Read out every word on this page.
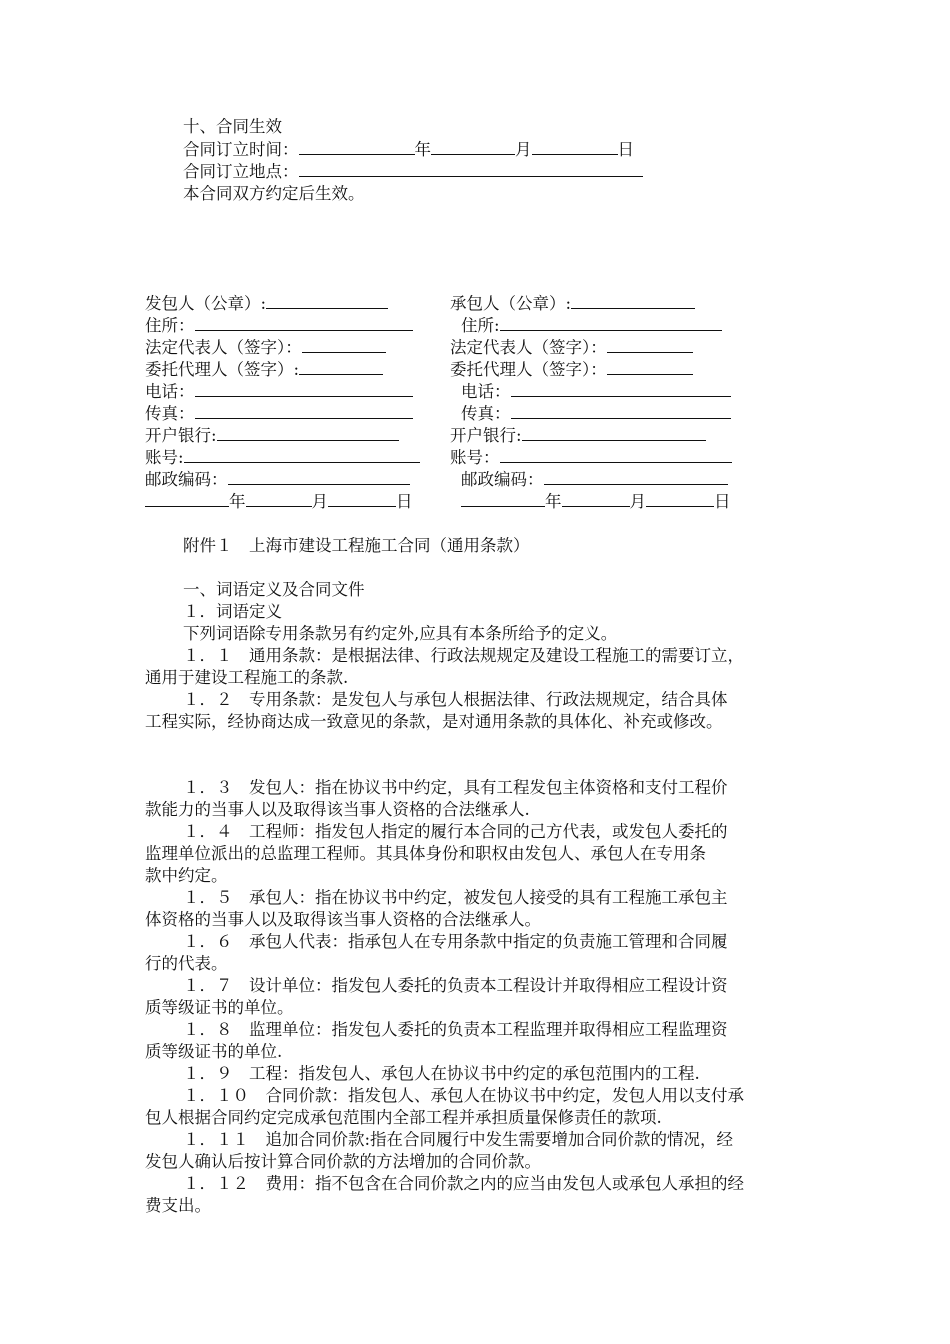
十、合同生效
合同订立时间：	年	月	日
合同订立地点：
本合同双方约定后生效。
发包人（公章）:
住所：
法定代表人（签字）：
委托代理人（签字）:
电话：
传真：
开户银行:
账号:
邮政编码：
年	月	日
承包人（公章）:
住所:
法定代表人（签字）：
委托代理人（签字）：
电话：
传真：
开户银行:
账号：
邮政编码：
年	月	日
附件１　上海市建设工程施工合同（通用条款）
一、词语定义及合同文件
１．词语定义
下列词语除专用条款另有约定外,应具有本条所给予的定义。
１．１　通用条款：是根据法律、行政法规规定及建设工程施工的需要订立，
通用于建设工程施工的条款.
１．２　专用条款：是发包人与承包人根据法律、行政法规规定，结合具体
工程实际，经协商达成一致意见的条款，是对通用条款的具体化、补充或修改。
１．３　发包人：指在协议书中约定，具有工程发包主体资格和支付工程价
款能力的当事人以及取得该当事人资格的合法继承人.
１．４　工程师：指发包人指定的履行本合同的己方代表，或发包人委托的
监理单位派出的总监理工程师。其具体身份和职权由发包人、承包人在专用条
款中约定。
１．５　承包人：指在协议书中约定，被发包人接受的具有工程施工承包主
体资格的当事人以及取得该当事人资格的合法继承人。
１．６　承包人代表：指承包人在专用条款中指定的负责施工管理和合同履
行的代表。
１．７　设计单位：指发包人委托的负责本工程设计并取得相应工程设计资
质等级证书的单位。
１．８　监理单位：指发包人委托的负责本工程监理并取得相应工程监理资
质等级证书的单位.
１．９　工程：指发包人、承包人在协议书中约定的承包范围内的工程.
１．１０　合同价款：指发包人、承包人在协议书中约定，发包人用以支付承
包人根据合同约定完成承包范围内全部工程并承担质量保修责任的款项.
１．１１　追加合同价款:指在合同履行中发生需要增加合同价款的情况，经
发包人确认后按计算合同价款的方法增加的合同价款。
１．１２　费用：指不包含在合同价款之内的应当由发包人或承包人承担的经
费支出。
